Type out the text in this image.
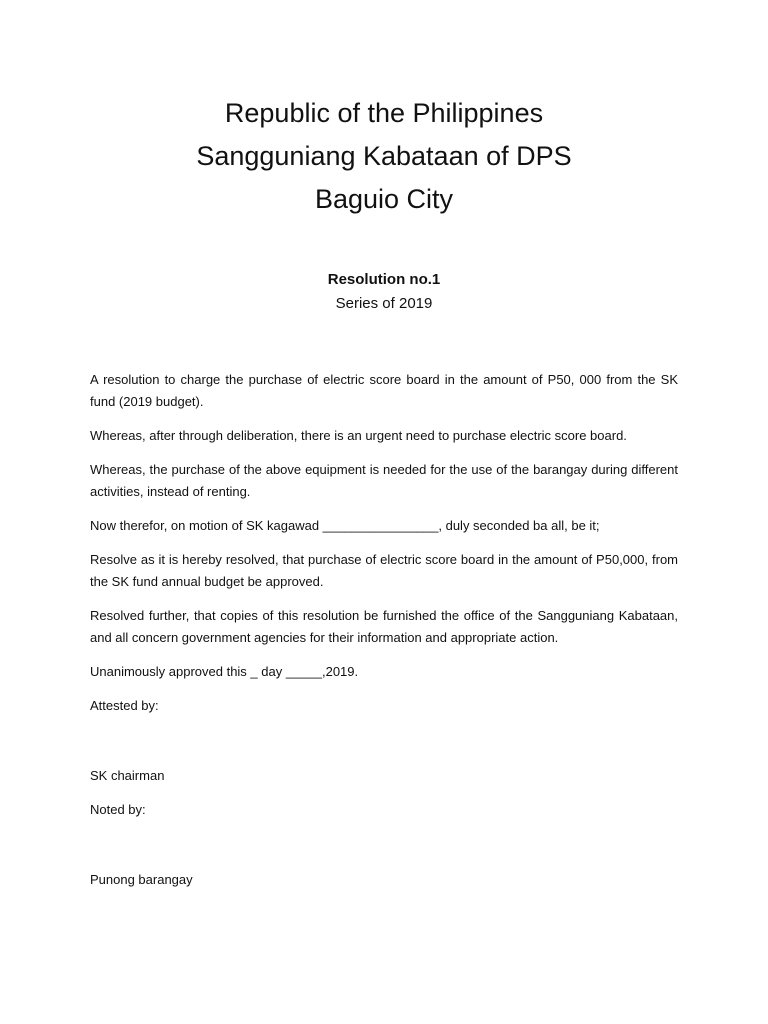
Republic of the Philippines
Sangguniang Kabataan of DPS
Baguio City
Resolution no.1
Series of 2019

A resolution to charge the purchase of electric score board in the amount of P50, 000 from the SK fund (2019 budget).

Whereas, after through deliberation, there is an urgent need to purchase electric score board.

Whereas, the purchase of the above equipment is needed for the use of the barangay during different activities, instead of renting.

Now therefor, on motion of SK kagawad ________________, duly seconded ba all, be it;

Resolve as it is hereby resolved, that purchase of electric score board in the amount of P50,000, from the SK fund annual budget be approved.

Resolved further, that copies of this resolution be furnished the office of the Sangguniang Kabataan, and all concern government agencies for their information and appropriate action.

Unanimously approved this _ day _____,2019.

Attested by:

SK chairman

Noted by:

Punong barangay
